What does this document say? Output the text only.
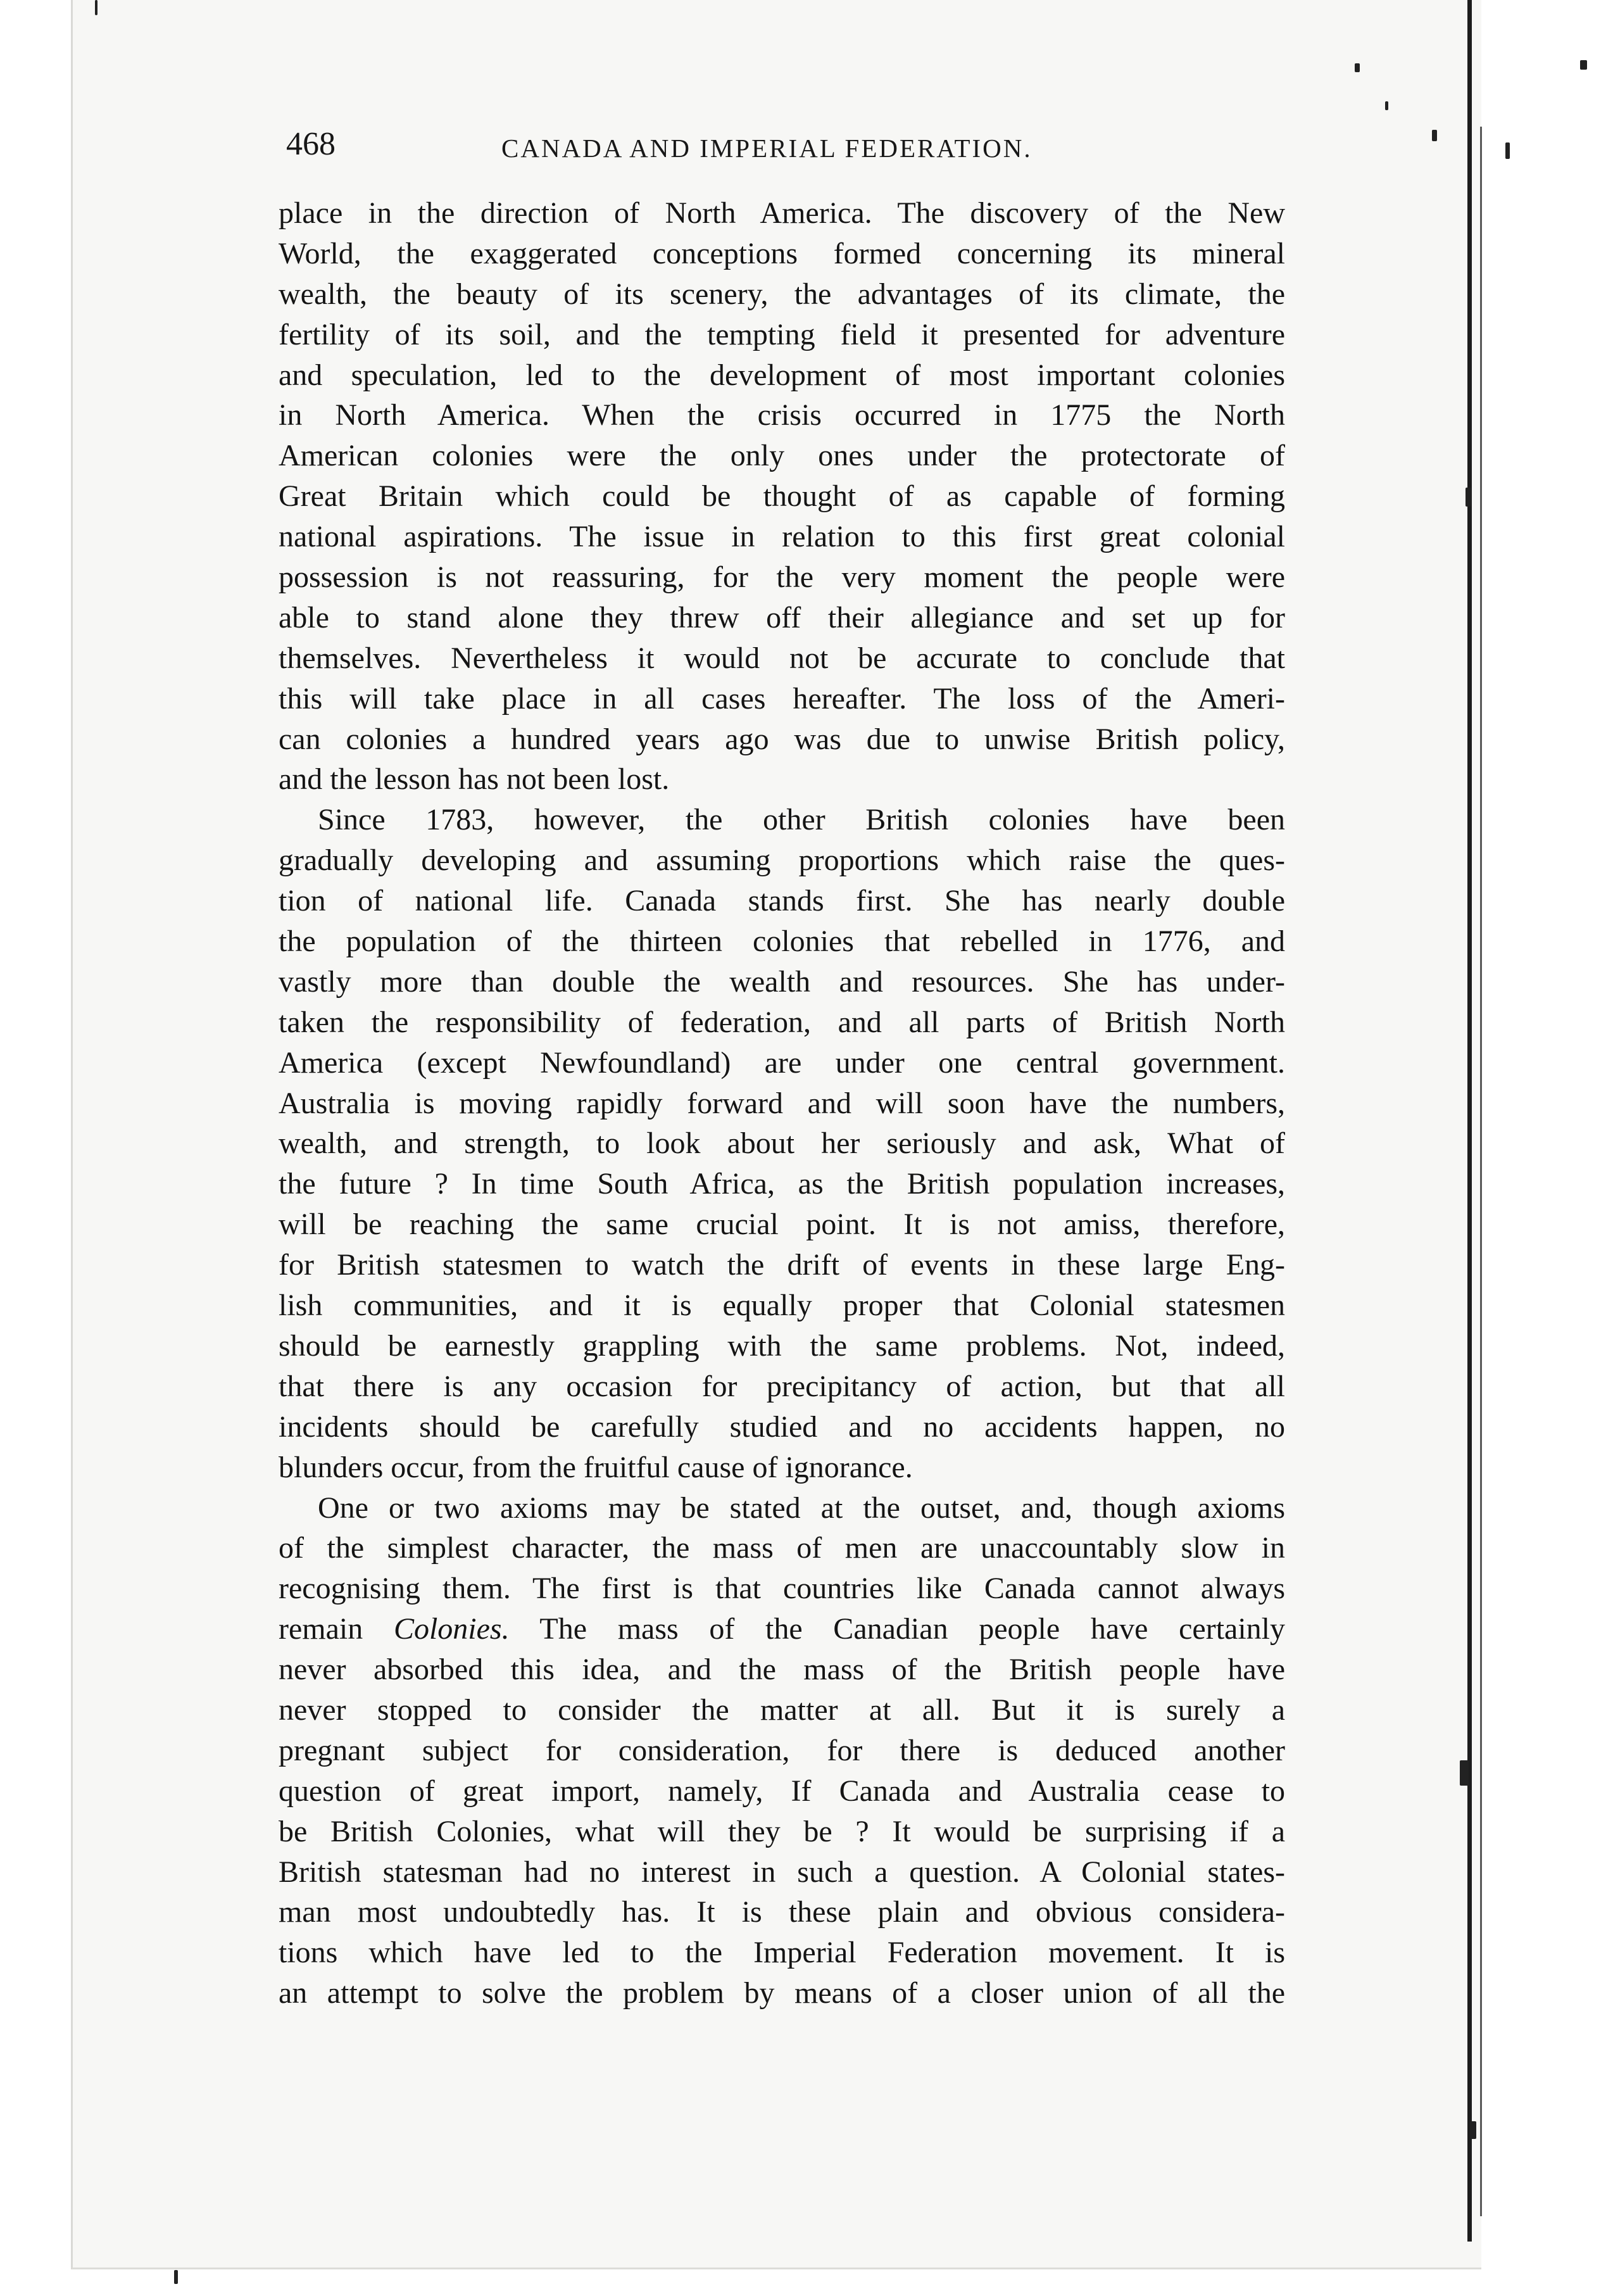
468	CANADA AND IMPERIAL FEDERATION.
place in the direction of North America. The discovery of the New
World, the exaggerated conceptions formed concerning its mineral
wealth, the beauty of its scenery, the advantages of its climate, the
fertility of its soil, and the tempting field it presented for adventure
and speculation, led to the development of most important colonies
in North America. When the crisis occurred in 1775 the North
American colonies were the only ones under the protectorate of
Great Britain which could be thought of as capable of forming
national aspirations. The issue in relation to this first great colonial
possession is not reassuring, for the very moment the people were
able to stand alone they threw off their allegiance and set up for
themselves. Nevertheless it would not be accurate to conclude that
this will take place in all cases hereafter. The loss of the Ameri-
can colonies a hundred years ago was due to unwise British policy,
and the lesson has not been lost.
Since 1783, however, the other British colonies have been
gradually developing and assuming proportions which raise the ques-
tion of national life. Canada stands first. She has nearly double
the population of the thirteen colonies that rebelled in 1776, and
vastly more than double the wealth and resources. She has under-
taken the responsibility of federation, and all parts of British North
America (except Newfoundland) are under one central government.
Australia is moving rapidly forward and will soon have the numbers,
wealth, and strength, to look about her seriously and ask, What of
the future ? In time South Africa, as the British population increases,
will be reaching the same crucial point. It is not amiss, therefore,
for British statesmen to watch the drift of events in these large Eng-
lish communities, and it is equally proper that Colonial statesmen
should be earnestly grappling with the same problems. Not, indeed,
that there is any occasion for precipitancy of action, but that all
incidents should be carefully studied and no accidents happen, no
blunders occur, from the fruitful cause of ignorance.
One or two axioms may be stated at the outset, and, though axioms
of the simplest character, the mass of men are unaccountably slow in
recognising them. The first is that countries like Canada cannot always
remain Colonies. The mass of the Canadian people have certainly
never absorbed this idea, and the mass of the British people have
never stopped to consider the matter at all. But it is surely a
pregnant subject for consideration, for there is deduced another
question of great import, namely, If Canada and Australia cease to
be British Colonies, what will they be ? It would be surprising if a
British statesman had no interest in such a question. A Colonial states-
man most undoubtedly has. It is these plain and obvious considera-
tions which have led to the Imperial Federation movement. It is
an attempt to solve the problem by means of a closer union of all the
